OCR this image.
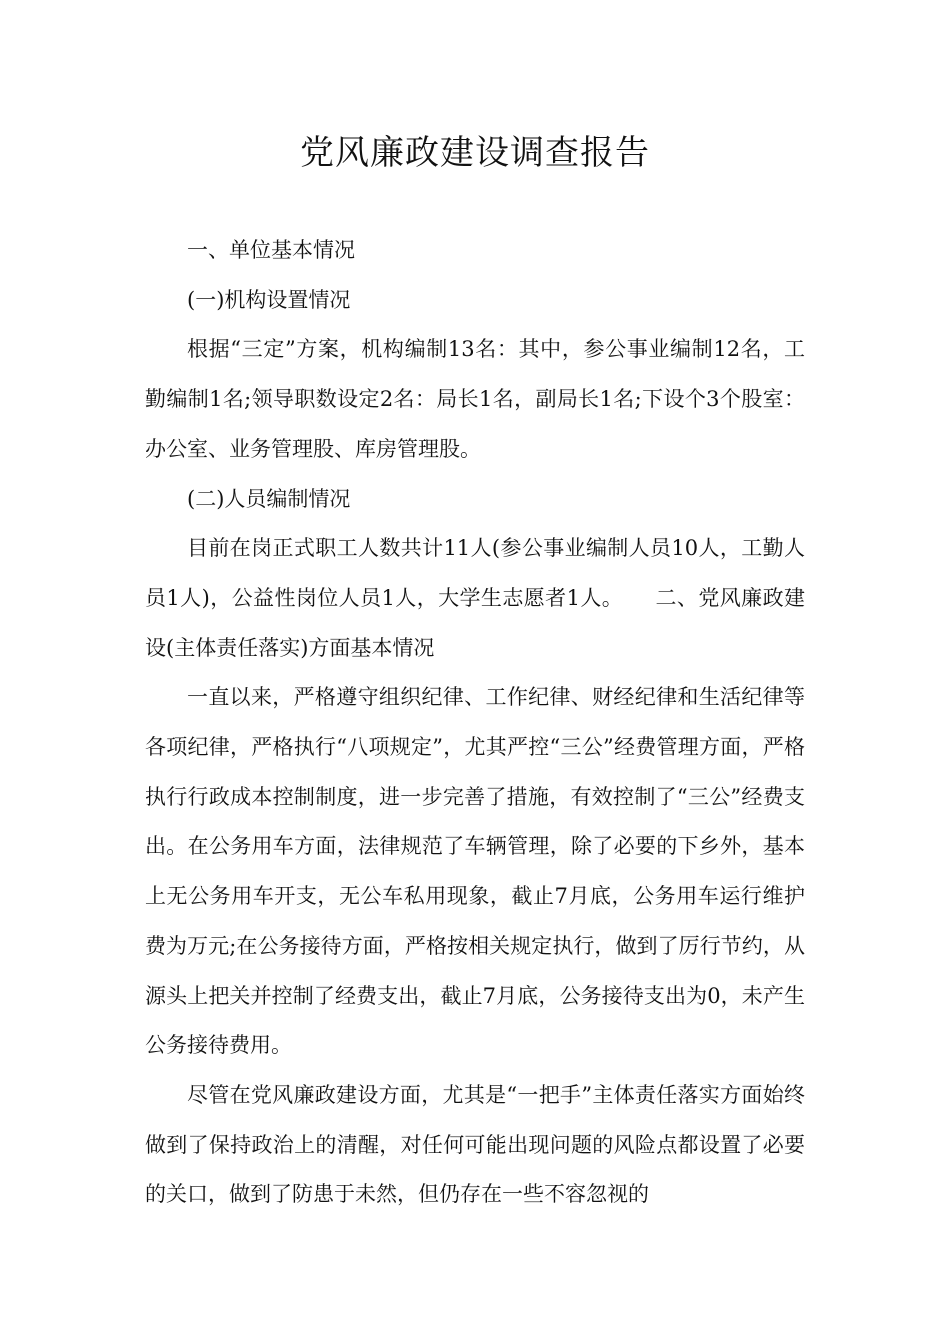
党风廉政建设调查报告

一、单位基本情况

(一)机构设置情况

根据“三定”方案，机构编制13名：其中，参公事业编制12名，工勤编制1名;领导职数设定2名：局长1名，副局长1名;下设个3个股室：办公室、业务管理股、库房管理股。

(二)人员编制情况

目前在岗正式职工人数共计11人(参公事业编制人员10人，工勤人员1人)，公益性岗位人员1人，大学生志愿者1人。　　二、党风廉政建设(主体责任落实)方面基本情况

一直以来，严格遵守组织纪律、工作纪律、财经纪律和生活纪律等各项纪律，严格执行“八项规定”，尤其严控“三公”经费管理方面，严格执行行政成本控制制度，进一步完善了措施，有效控制了“三公”经费支出。在公务用车方面，法律规范了车辆管理，除了必要的下乡外，基本上无公务用车开支，无公车私用现象，截止7月底，公务用车运行维护费为万元;在公务接待方面，严格按相关规定执行，做到了厉行节约，从源头上把关并控制了经费支出，截止7月底，公务接待支出为0，未产生公务接待费用。

尽管在党风廉政建设方面，尤其是“一把手”主体责任落实方面始终做到了保持政治上的清醒，对任何可能出现问题的风险点都设置了必要的关口，做到了防患于未然，但仍存在一些不容忽视的
